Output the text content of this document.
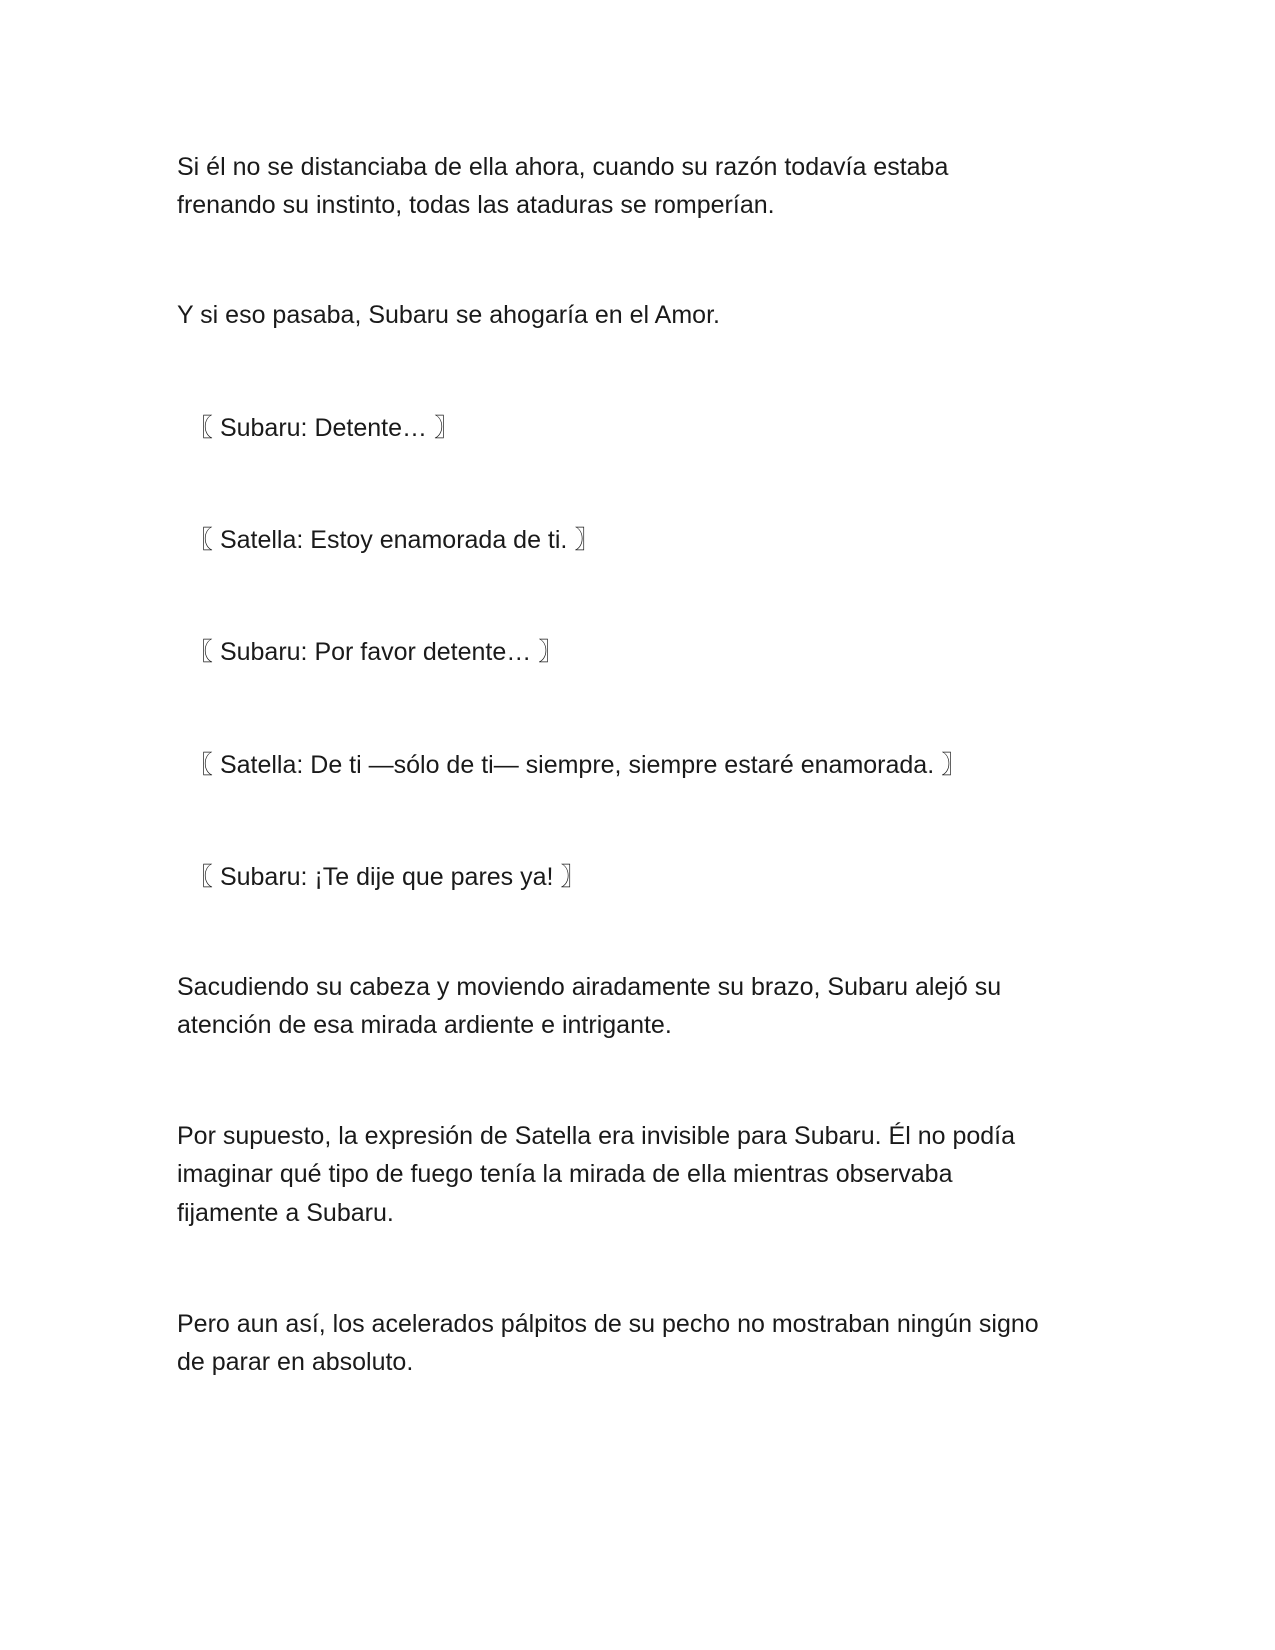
Si él no se distanciaba de ella ahora, cuando su razón todavía estaba
frenando su instinto, todas las ataduras se romperían.
Y si eso pasaba, Subaru se ahogaría en el Amor.
〖 Subaru: Detente… 〗
〖 Satella: Estoy enamorada de ti. 〗
〖 Subaru: Por favor detente… 〗
〖 Satella: De ti —sólo de ti— siempre, siempre estaré enamorada. 〗
〖 Subaru: ¡Te dije que pares ya! 〗
Sacudiendo su cabeza y moviendo airadamente su brazo, Subaru alejó su
atención de esa mirada ardiente e intrigante.
Por supuesto, la expresión de Satella era invisible para Subaru. Él no podía
imaginar qué tipo de fuego tenía la mirada de ella mientras observaba
fijamente a Subaru.
Pero aun así, los acelerados pálpitos de su pecho no mostraban ningún signo
de parar en absoluto.
